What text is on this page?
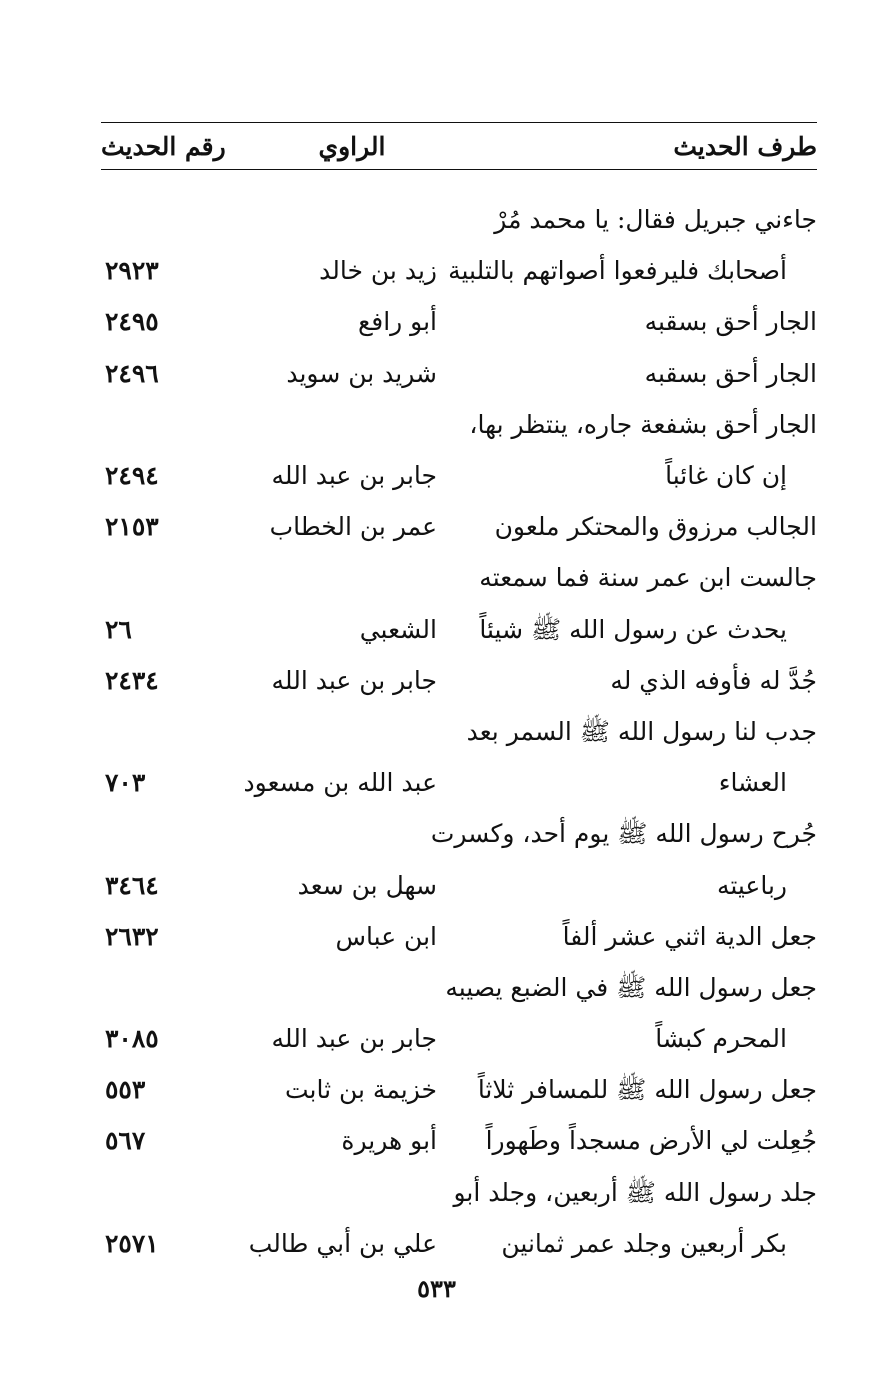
طرف الحديث
الراوي
رقم الحديث
جاءني جبريل فقال: يا محمد مُرْ
أصحابك فليرفعوا أصواتهم بالتلبية
زيد بن خالد
٢٩٢٣
الجار أحق بسقبه
أبو رافع
٢٤٩٥
الجار أحق بسقبه
شريد بن سويد
٢٤٩٦
الجار أحق بشفعة جاره، ينتظر بها،
إن كان غائباً
جابر بن عبد الله
٢٤٩٤
الجالب مرزوق والمحتكر ملعون
عمر بن الخطاب
٢١٥٣
جالست ابن عمر سنة فما سمعته
يحدث عن رسول الله ﷺ شيئاً
الشعبي
٢٦
جُدَّ له فأوفه الذي له
جابر بن عبد الله
٢٤٣٤
جدب لنا رسول الله ﷺ السمر بعد
العشاء
عبد الله بن مسعود
٧٠٣
جُرح رسول الله ﷺ يوم أحد، وكسرت
رباعيته
سهل بن سعد
٣٤٦٤
جعل الدية اثني عشر ألفاً
ابن عباس
٢٦٣٢
جعل رسول الله ﷺ في الضبع يصيبه
المحرم كبشاً
جابر بن عبد الله
٣٠٨٥
جعل رسول الله ﷺ للمسافر ثلاثاً
خزيمة بن ثابت
٥٥٣
جُعِلت لي الأرض مسجداً وطَهوراً
أبو هريرة
٥٦٧
جلد رسول الله ﷺ أربعين، وجلد أبو
بكر أربعين وجلد عمر ثمانين
علي بن أبي طالب
٢٥٧١
٥٣٣
